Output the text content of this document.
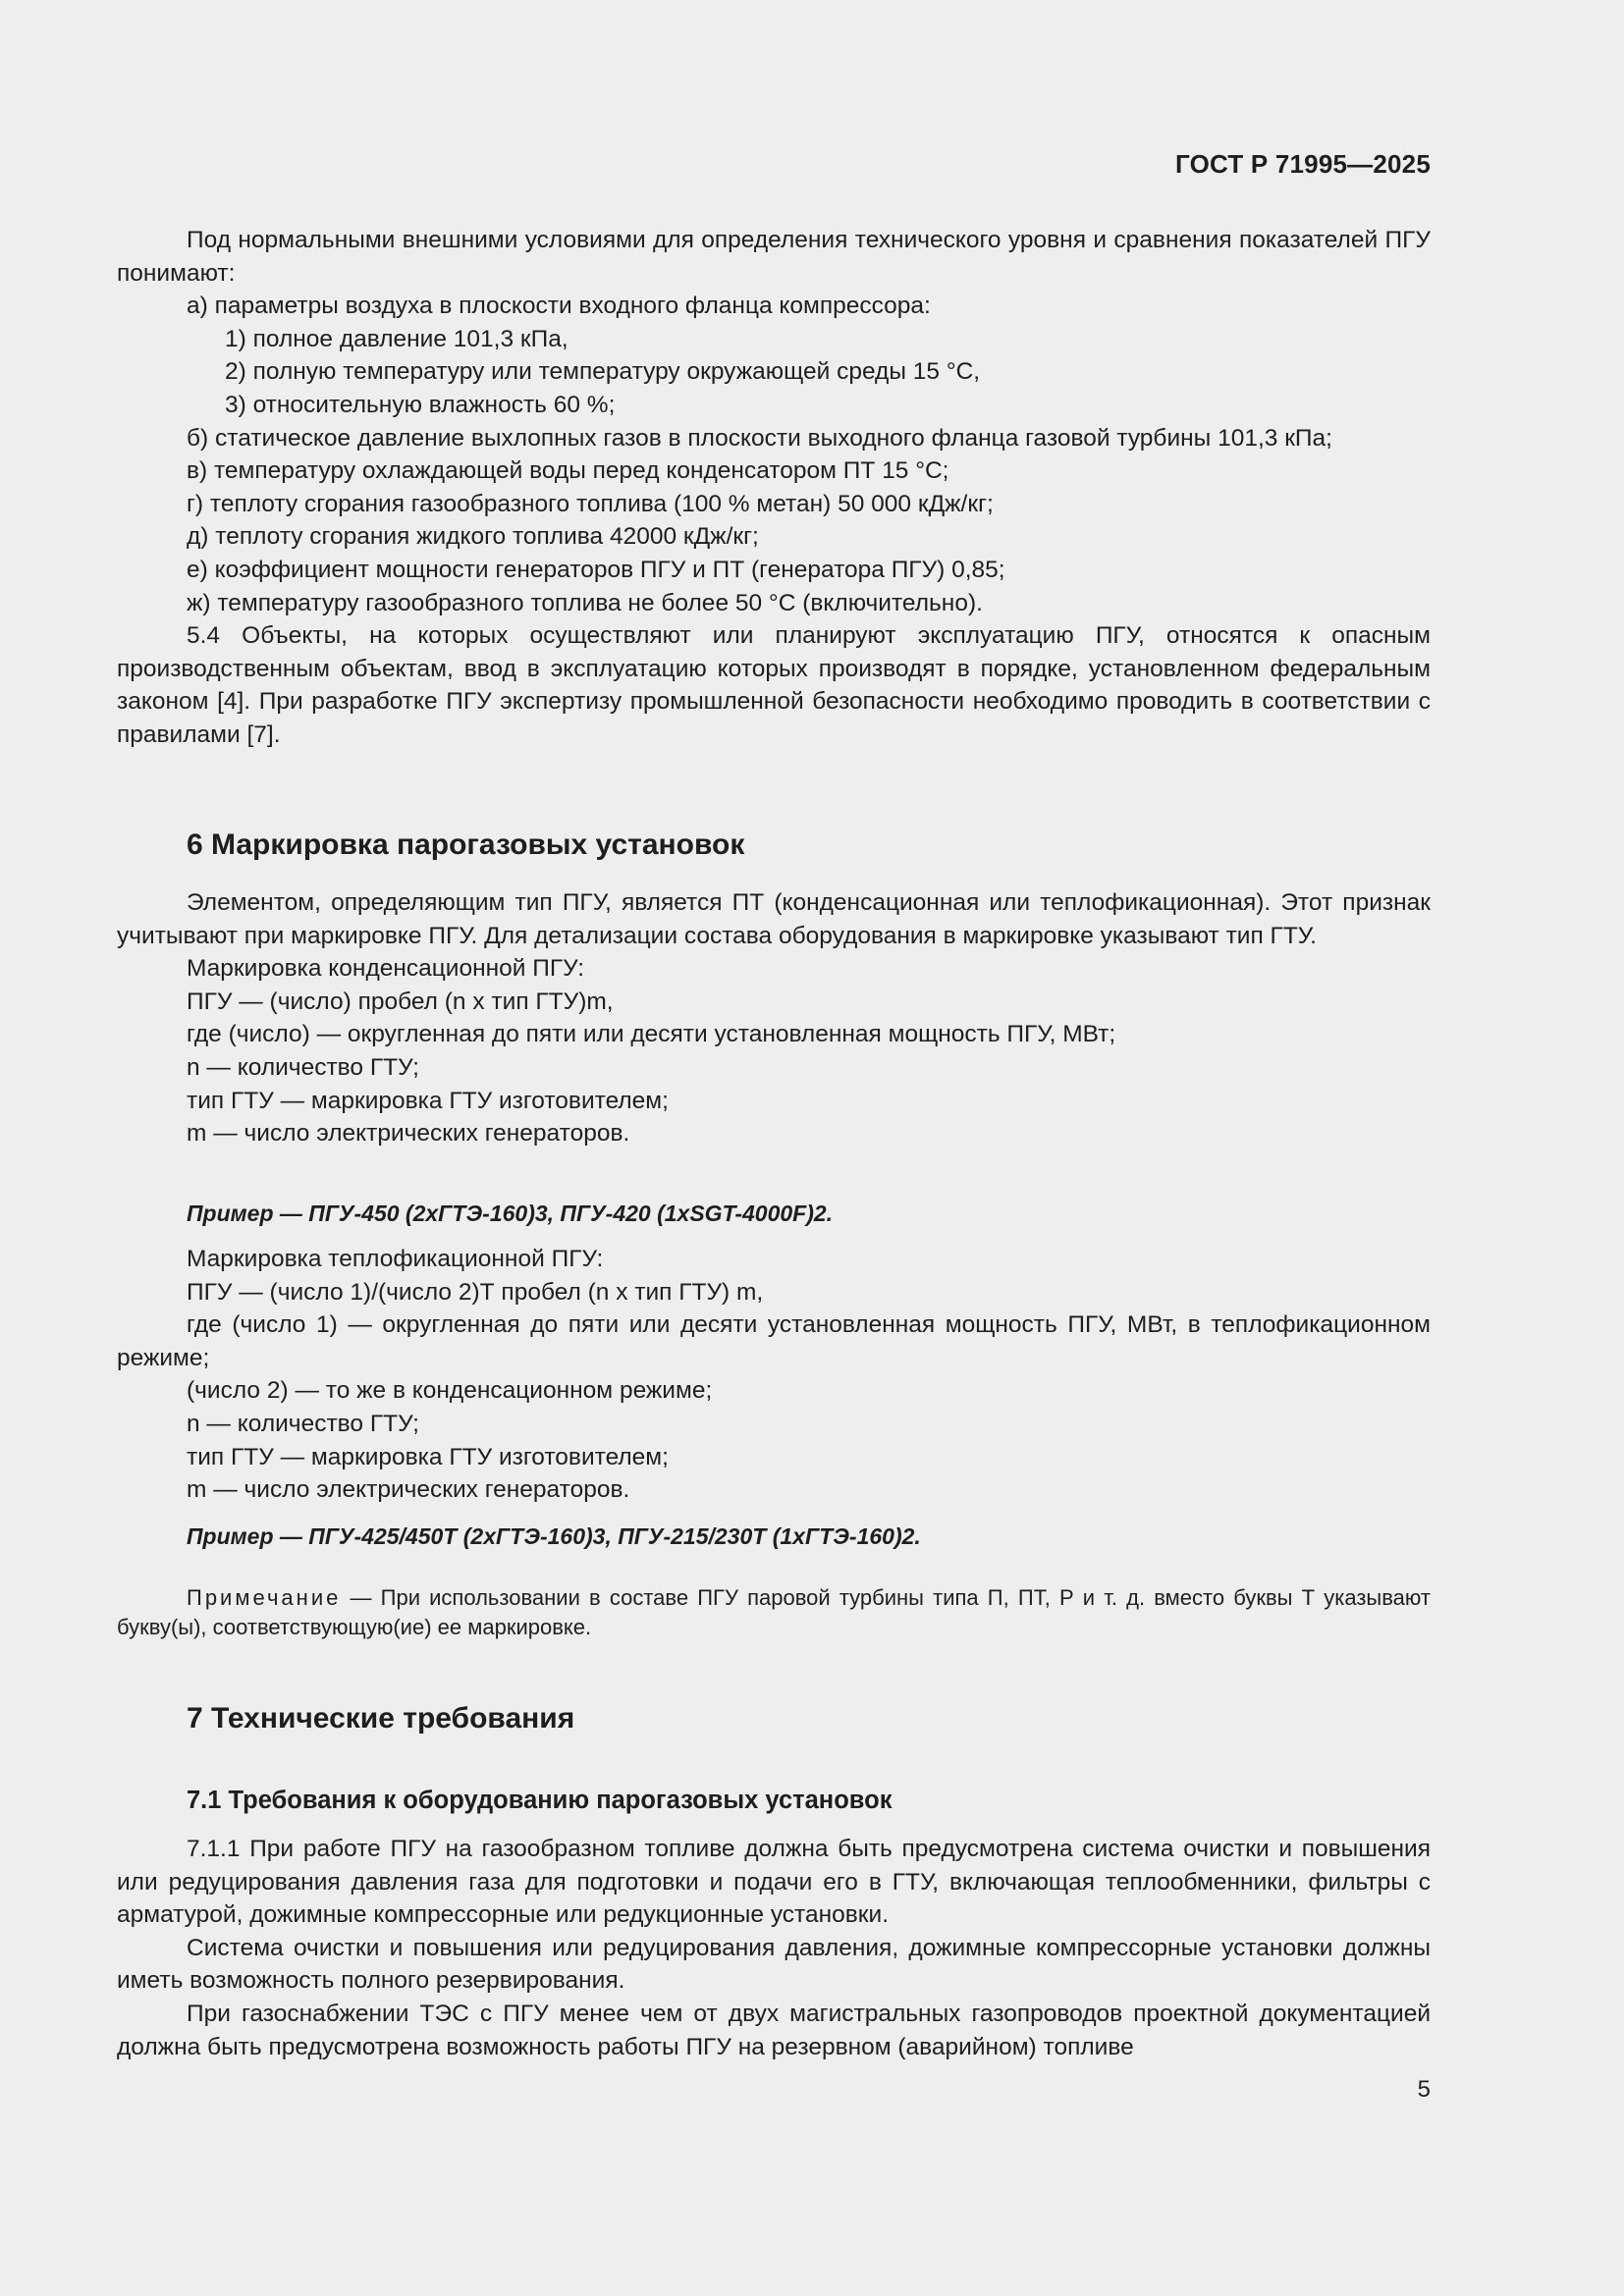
ГОСТ Р 71995—2025

Под нормальными внешними условиями для определения технического уровня и сравнения показателей ПГУ понимают:

а) параметры воздуха в плоскости входного фланца компрессора:

1) полное давление 101,3 кПа,

2) полную температуру или температуру окружающей среды 15 °С,

3) относительную влажность 60 %;

б) статическое давление выхлопных газов в плоскости выходного фланца газовой турбины 101,3 кПа;

в) температуру охлаждающей воды перед конденсатором ПТ 15 °С;

г) теплоту сгорания газообразного топлива (100 % метан) 50 000 кДж/кг;

д) теплоту сгорания жидкого топлива 42000 кДж/кг;

е) коэффициент мощности генераторов ПГУ и ПТ (генератора ПГУ) 0,85;

ж) температуру газообразного топлива не более 50 °С (включительно).

5.4 Объекты, на которых осуществляют или планируют эксплуатацию ПГУ, относятся к опасным производственным объектам, ввод в эксплуатацию которых производят в порядке, установленном федеральным законом [4]. При разработке ПГУ экспертизу промышленной безопасности необходимо проводить в соответствии с правилами [7].

6 Маркировка парогазовых установок

Элементом, определяющим тип ПГУ, является ПТ (конденсационная или теплофикационная). Этот признак учитывают при маркировке ПГУ. Для детализации состава оборудования в маркировке указывают тип ГТУ.

Маркировка конденсационной ПГУ:

ПГУ — (число) пробел (n x тип ГТУ)m,

где (число) — округленная до пяти или десяти установленная мощность ПГУ, МВт;

n — количество ГТУ;

тип ГТУ — маркировка ГТУ изготовителем;

m — число электрических генераторов.

Пример — ПГУ-450 (2хГТЭ-160)3, ПГУ-420 (1хSGT-4000F)2.

Маркировка теплофикационной ПГУ:

ПГУ — (число 1)/(число 2)Т пробел (n x тип ГТУ) m,

где (число 1) — округленная до пяти или десяти установленная мощность ПГУ, МВт, в теплофикационном режиме;

(число 2) — то же в конденсационном режиме;

n — количество ГТУ;

тип ГТУ — маркировка ГТУ изготовителем;

m — число электрических генераторов.

Пример — ПГУ-425/450Т (2хГТЭ-160)3, ПГУ-215/230Т (1хГТЭ-160)2.

Примечание — При использовании в составе ПГУ паровой турбины типа П, ПТ, Р и т. д. вместо буквы Т указывают букву(ы), соответствующую(ие) ее маркировке.

7 Технические требования
7.1 Требования к оборудованию парогазовых установок

7.1.1 При работе ПГУ на газообразном топливе должна быть предусмотрена система очистки и повышения или редуцирования давления газа для подготовки и подачи его в ГТУ, включающая теплообменники, фильтры с арматурой, дожимные компрессорные или редукционные установки.

Система очистки и повышения или редуцирования давления, дожимные компрессорные установки должны иметь возможность полного резервирования.

При газоснабжении ТЭС с ПГУ менее чем от двух магистральных газопроводов проектной документацией должна быть предусмотрена возможность работы ПГУ на резервном (аварийном) топливе

5
